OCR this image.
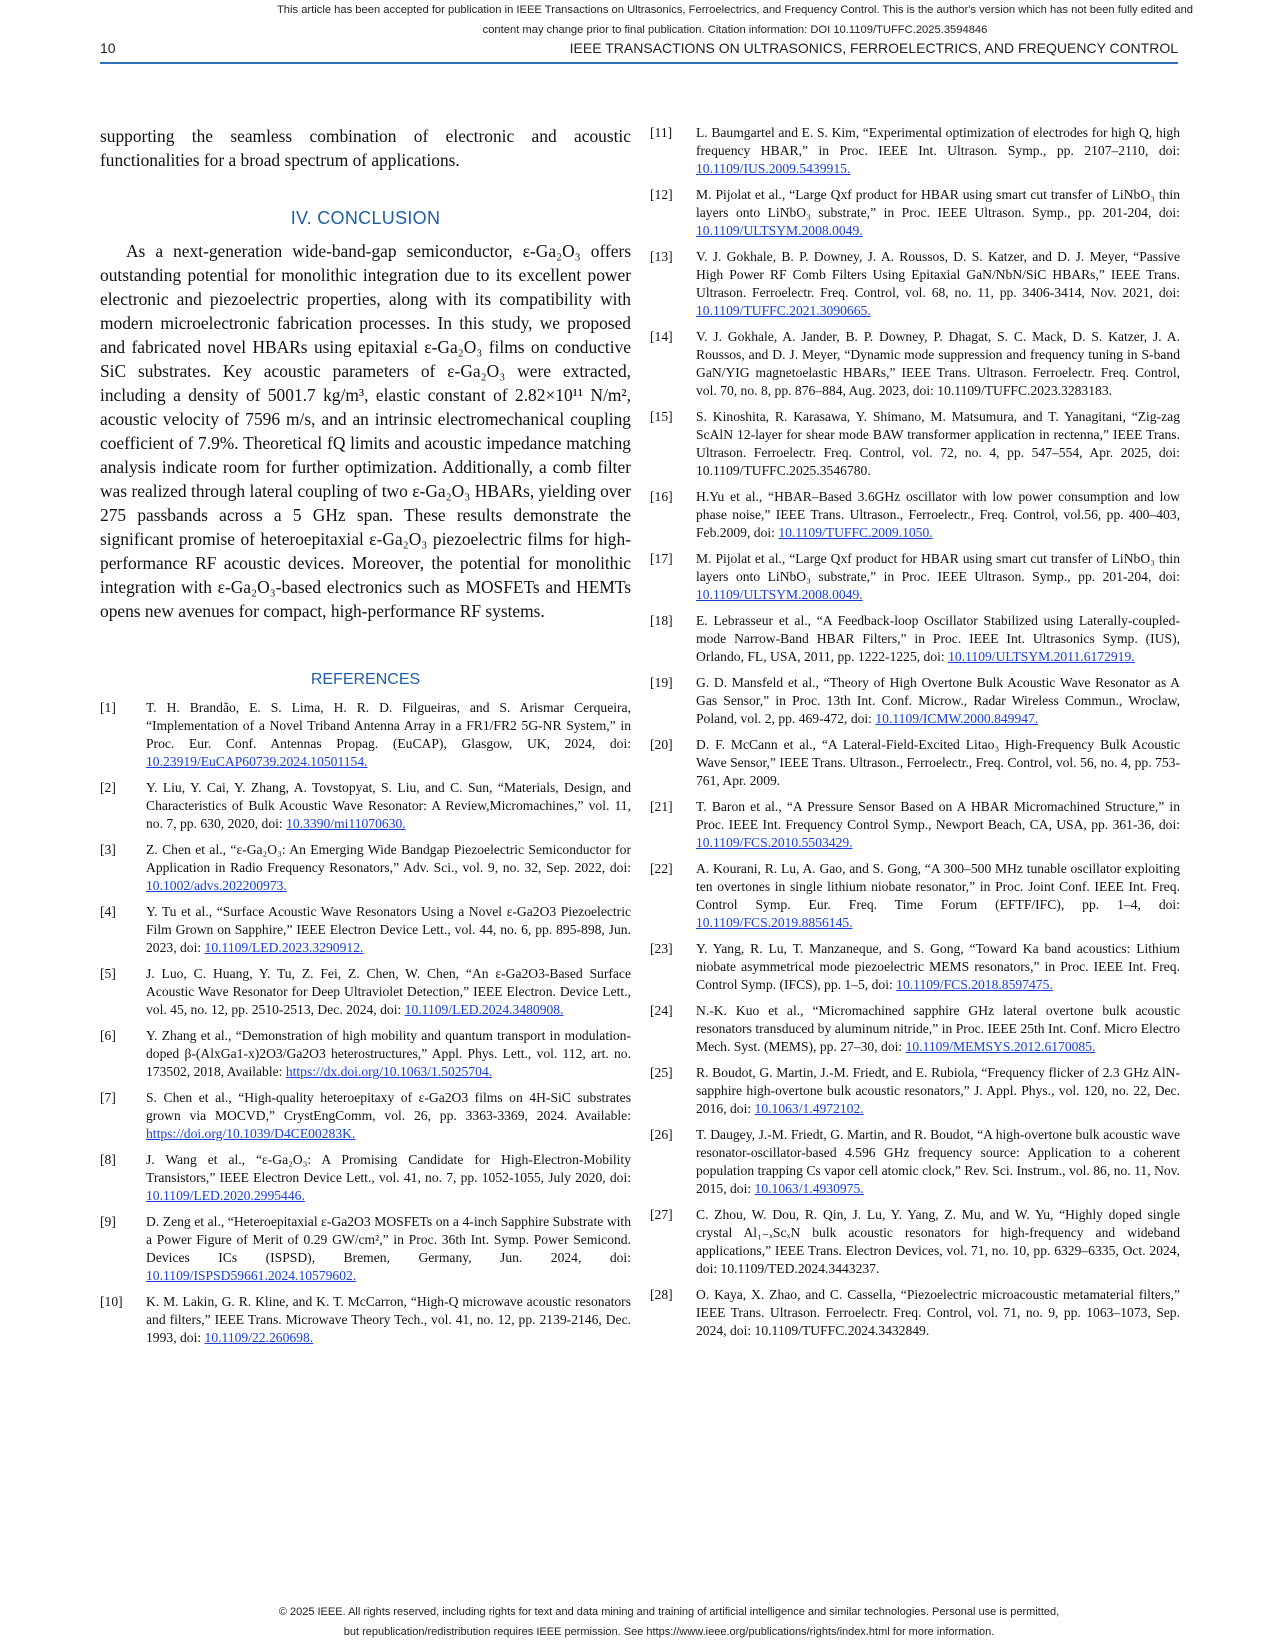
This article has been accepted for publication in IEEE Transactions on Ultrasonics, Ferroelectrics, and Frequency Control. This is the author's version which has not been fully edited and
content may change prior to final publication. Citation information: DOI 10.1109/TUFFC.2025.3594846
10	IEEE TRANSACTIONS ON ULTRASONICS, FERROELECTRICS, AND FREQUENCY CONTROL

supporting the seamless combination of electronic and acoustic functionalities for a broad spectrum of applications.

IV. CONCLUSION

As a next-generation wide-band-gap semiconductor, ε-Ga₂O₃ offers outstanding potential for monolithic integration due to its excellent power electronic and piezoelectric properties, along with its compatibility with modern microelectronic fabrication processes. In this study, we proposed and fabricated novel HBARs using epitaxial ε-Ga₂O₃ films on conductive SiC substrates. Key acoustic parameters of ε-Ga₂O₃ were extracted, including a density of 5001.7 kg/m³, elastic constant of 2.82×10¹¹ N/m², acoustic velocity of 7596 m/s, and an intrinsic electromechanical coupling coefficient of 7.9%. Theoretical fQ limits and acoustic impedance matching analysis indicate room for further optimization. Additionally, a comb filter was realized through lateral coupling of two ε-Ga₂O₃ HBARs, yielding over 275 passbands across a 5 GHz span. These results demonstrate the significant promise of heteroepitaxial ε-Ga₂O₃ piezoelectric films for high-performance RF acoustic devices. Moreover, the potential for monolithic integration with ε-Ga₂O₃-based electronics such as MOSFETs and HEMTs opens new avenues for compact, high-performance RF systems.

REFERENCES
[1] T. H. Brandão, E. S. Lima, H. R. D. Filgueiras, and S. Arismar Cerqueira, “Implementation of a Novel Triband Antenna Array in a FR1/FR2 5G-NR System,” in Proc. Eur. Conf. Antennas Propag. (EuCAP), Glasgow, UK, 2024, doi: 10.23919/EuCAP60739.2024.10501154.
[2] Y. Liu, Y. Cai, Y. Zhang, A. Tovstopyat, S. Liu, and C. Sun, “Materials, Design, and Characteristics of Bulk Acoustic Wave Resonator: A Review,Micromachines,” vol. 11, no. 7, pp. 630, 2020, doi: 10.3390/mi11070630.
[3] Z. Chen et al., “ε-Ga₂O₃: An Emerging Wide Bandgap Piezoelectric Semiconductor for Application in Radio Frequency Resonators,” Adv. Sci., vol. 9, no. 32, Sep. 2022, doi: 10.1002/advs.202200973.
[4] Y. Tu et al., “Surface Acoustic Wave Resonators Using a Novel ε-Ga2O3 Piezoelectric Film Grown on Sapphire,” IEEE Electron Device Lett., vol. 44, no. 6, pp. 895-898, Jun. 2023, doi: 10.1109/LED.2023.3290912.
[5] J. Luo, C. Huang, Y. Tu, Z. Fei, Z. Chen, W. Chen, “An ε-Ga2O3-Based Surface Acoustic Wave Resonator for Deep Ultraviolet Detection,” IEEE Electron. Device Lett., vol. 45, no. 12, pp. 2510-2513, Dec. 2024, doi: 10.1109/LED.2024.3480908.
[6] Y. Zhang et al., “Demonstration of high mobility and quantum transport in modulation-doped β-(AlxGa1-x)2O3/Ga2O3 heterostructures,” Appl. Phys. Lett., vol. 112, art. no. 173502, 2018, Available: https://dx.doi.org/10.1063/1.5025704.
[7] S. Chen et al., “High-quality heteroepitaxy of ε-Ga2O3 films on 4H-SiC substrates grown via MOCVD,” CrystEngComm, vol. 26, pp. 3363-3369, 2024. Available: https://doi.org/10.1039/D4CE00283K.
[8] J. Wang et al., “ε-Ga₂O₃: A Promising Candidate for High-Electron-Mobility Transistors,” IEEE Electron Device Lett., vol. 41, no. 7, pp. 1052-1055, July 2020, doi: 10.1109/LED.2020.2995446.
[9] D. Zeng et al., “Heteroepitaxial ε-Ga2O3 MOSFETs on a 4-inch Sapphire Substrate with a Power Figure of Merit of 0.29 GW/cm²,” in Proc. 36th Int. Symp. Power Semicond. Devices ICs (ISPSD), Bremen, Germany, Jun. 2024, doi: 10.1109/ISPSD59661.2024.10579602.
[10] K. M. Lakin, G. R. Kline, and K. T. McCarron, “High-Q microwave acoustic resonators and filters,” IEEE Trans. Microwave Theory Tech., vol. 41, no. 12, pp. 2139-2146, Dec. 1993, doi: 10.1109/22.260698.
[11] L. Baumgartel and E. S. Kim, “Experimental optimization of electrodes for high Q, high frequency HBAR,” in Proc. IEEE Int. Ultrason. Symp., pp. 2107–2110, doi: 10.1109/IUS.2009.5439915.
[12] M. Pijolat et al., “Large Qxf product for HBAR using smart cut transfer of LiNbO₃ thin layers onto LiNbO₃ substrate,” in Proc. IEEE Ultrason. Symp., pp. 201-204, doi: 10.1109/ULTSYM.2008.0049.
[13] V. J. Gokhale, B. P. Downey, J. A. Roussos, D. S. Katzer, and D. J. Meyer, “Passive High Power RF Comb Filters Using Epitaxial GaN/NbN/SiC HBARs,” IEEE Trans. Ultrason. Ferroelectr. Freq. Control, vol. 68, no. 11, pp. 3406-3414, Nov. 2021, doi: 10.1109/TUFFC.2021.3090665.
[14] V. J. Gokhale, A. Jander, B. P. Downey, P. Dhagat, S. C. Mack, D. S. Katzer, J. A. Roussos, and D. J. Meyer, “Dynamic mode suppression and frequency tuning in S-band GaN/YIG magnetoelastic HBARs,” IEEE Trans. Ultrason. Ferroelectr. Freq. Control, vol. 70, no. 8, pp. 876–884, Aug. 2023, doi: 10.1109/TUFFC.2023.3283183.
[15] S. Kinoshita, R. Karasawa, Y. Shimano, M. Matsumura, and T. Yanagitani, “Zig-zag ScAlN 12-layer for shear mode BAW transformer application in rectenna,” IEEE Trans. Ultrason. Ferroelectr. Freq. Control, vol. 72, no. 4, pp. 547–554, Apr. 2025, doi: 10.1109/TUFFC.2025.3546780.
[16] H.Yu et al., “HBAR–Based 3.6GHz oscillator with low power consumption and low phase noise,” IEEE Trans. Ultrason., Ferroelectr., Freq. Control, vol.56, pp. 400–403, Feb.2009, doi: 10.1109/TUFFC.2009.1050.
[17] M. Pijolat et al., “Large Qxf product for HBAR using smart cut transfer of LiNbO₃ thin layers onto LiNbO₃ substrate,” in Proc. IEEE Ultrason. Symp., pp. 201-204, doi: 10.1109/ULTSYM.2008.0049.
[18] E. Lebrasseur et al., “A Feedback-loop Oscillator Stabilized using Laterally-coupled-mode Narrow-Band HBAR Filters,” in Proc. IEEE Int. Ultrasonics Symp. (IUS), Orlando, FL, USA, 2011, pp. 1222-1225, doi: 10.1109/ULTSYM.2011.6172919.
[19] G. D. Mansfeld et al., “Theory of High Overtone Bulk Acoustic Wave Resonator as A Gas Sensor,” in Proc. 13th Int. Conf. Microw., Radar Wireless Commun., Wroclaw, Poland, vol. 2, pp. 469-472, doi: 10.1109/ICMW.2000.849947.
[20] D. F. McCann et al., “A Lateral-Field-Excited Litao₃ High-Frequency Bulk Acoustic Wave Sensor,” IEEE Trans. Ultrason., Ferroelectr., Freq. Control, vol. 56, no. 4, pp. 753-761, Apr. 2009.
[21] T. Baron et al., “A Pressure Sensor Based on A HBAR Micromachined Structure,” in Proc. IEEE Int. Frequency Control Symp., Newport Beach, CA, USA, pp. 361-36, doi: 10.1109/FCS.2010.5503429.
[22] A. Kourani, R. Lu, A. Gao, and S. Gong, “A 300–500 MHz tunable oscillator exploiting ten overtones in single lithium niobate resonator,” in Proc. Joint Conf. IEEE Int. Freq. Control Symp. Eur. Freq. Time Forum (EFTF/IFC), pp. 1–4, doi: 10.1109/FCS.2019.8856145.
[23] Y. Yang, R. Lu, T. Manzaneque, and S. Gong, “Toward Ka band acoustics: Lithium niobate asymmetrical mode piezoelectric MEMS resonators,” in Proc. IEEE Int. Freq. Control Symp. (IFCS), pp. 1–5, doi: 10.1109/FCS.2018.8597475.
[24] N.-K. Kuo et al., “Micromachined sapphire GHz lateral overtone bulk acoustic resonators transduced by aluminum nitride,” in Proc. IEEE 25th Int. Conf. Micro Electro Mech. Syst. (MEMS), pp. 27–30, doi: 10.1109/MEMSYS.2012.6170085.
[25] R. Boudot, G. Martin, J.-M. Friedt, and E. Rubiola, “Frequency flicker of 2.3 GHz AlN-sapphire high-overtone bulk acoustic resonators,” J. Appl. Phys., vol. 120, no. 22, Dec. 2016, doi: 10.1063/1.4972102.
[26] T. Daugey, J.-M. Friedt, G. Martin, and R. Boudot, “A high-overtone bulk acoustic wave resonator-oscillator-based 4.596 GHz frequency source: Application to a coherent population trapping Cs vapor cell atomic clock,” Rev. Sci. Instrum., vol. 86, no. 11, Nov. 2015, doi: 10.1063/1.4930975.
[27] C. Zhou, W. Dou, R. Qin, J. Lu, Y. Yang, Z. Mu, and W. Yu, “Highly doped single crystal Al₁₋ₓScₓN bulk acoustic resonators for high-frequency and wideband applications,” IEEE Trans. Electron Devices, vol. 71, no. 10, pp. 6329–6335, Oct. 2024, doi: 10.1109/TED.2024.3443237.
[28] O. Kaya, X. Zhao, and C. Cassella, “Piezoelectric microacoustic metamaterial filters,” IEEE Trans. Ultrason. Ferroelectr. Freq. Control, vol. 71, no. 9, pp. 1063–1073, Sep. 2024, doi: 10.1109/TUFFC.2024.3432849.
© 2025 IEEE. All rights reserved, including rights for text and data mining and training of artificial intelligence and similar technologies. Personal use is permitted,
but republication/redistribution requires IEEE permission. See https://www.ieee.org/publications/rights/index.html for more information.
